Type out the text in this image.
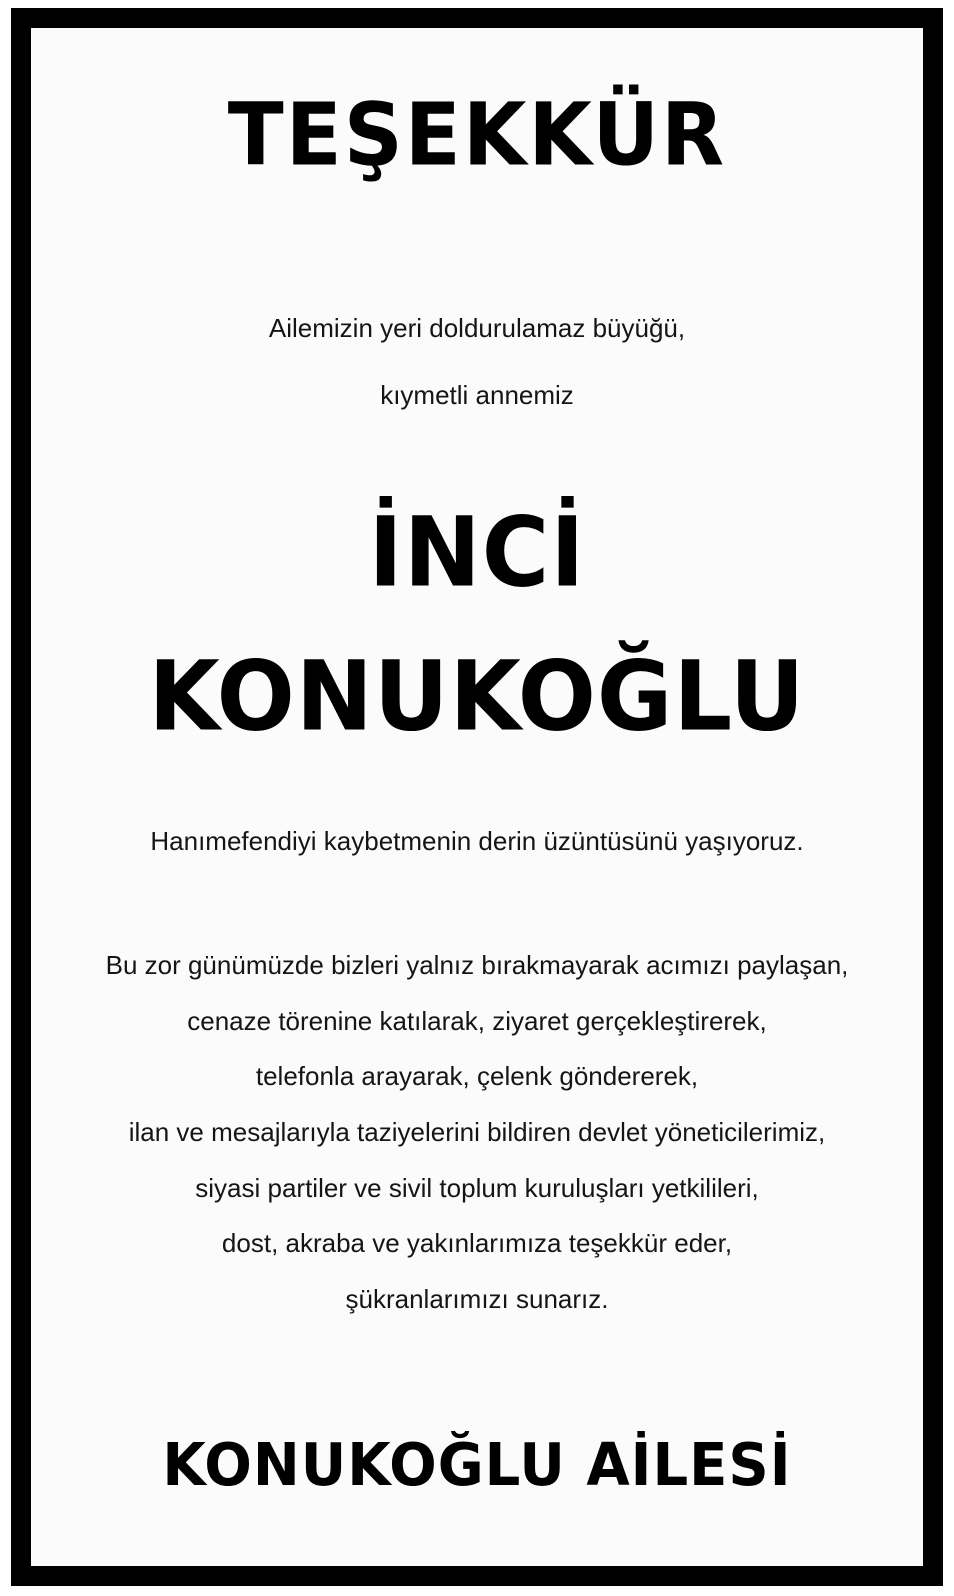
TEŞEKKÜR
Ailemizin yeri doldurulamaz büyüğü,
kıymetli annemiz
İNCİ
KONUKOĞLU
Hanımefendiyi kaybetmenin derin üzüntüsünü yaşıyoruz.
Bu zor günümüzde bizleri yalnız bırakmayarak acımızı paylaşan,
cenaze törenine katılarak, ziyaret gerçekleştirerek,
telefonla arayarak, çelenk göndererek,
ilan ve mesajlarıyla taziyelerini bildiren devlet yöneticilerimiz,
siyasi partiler ve sivil toplum kuruluşları yetkilileri,
dost, akraba ve yakınlarımıza teşekkür eder,
şükranlarımızı sunarız.
KONUKOĞLU AİLESİ
